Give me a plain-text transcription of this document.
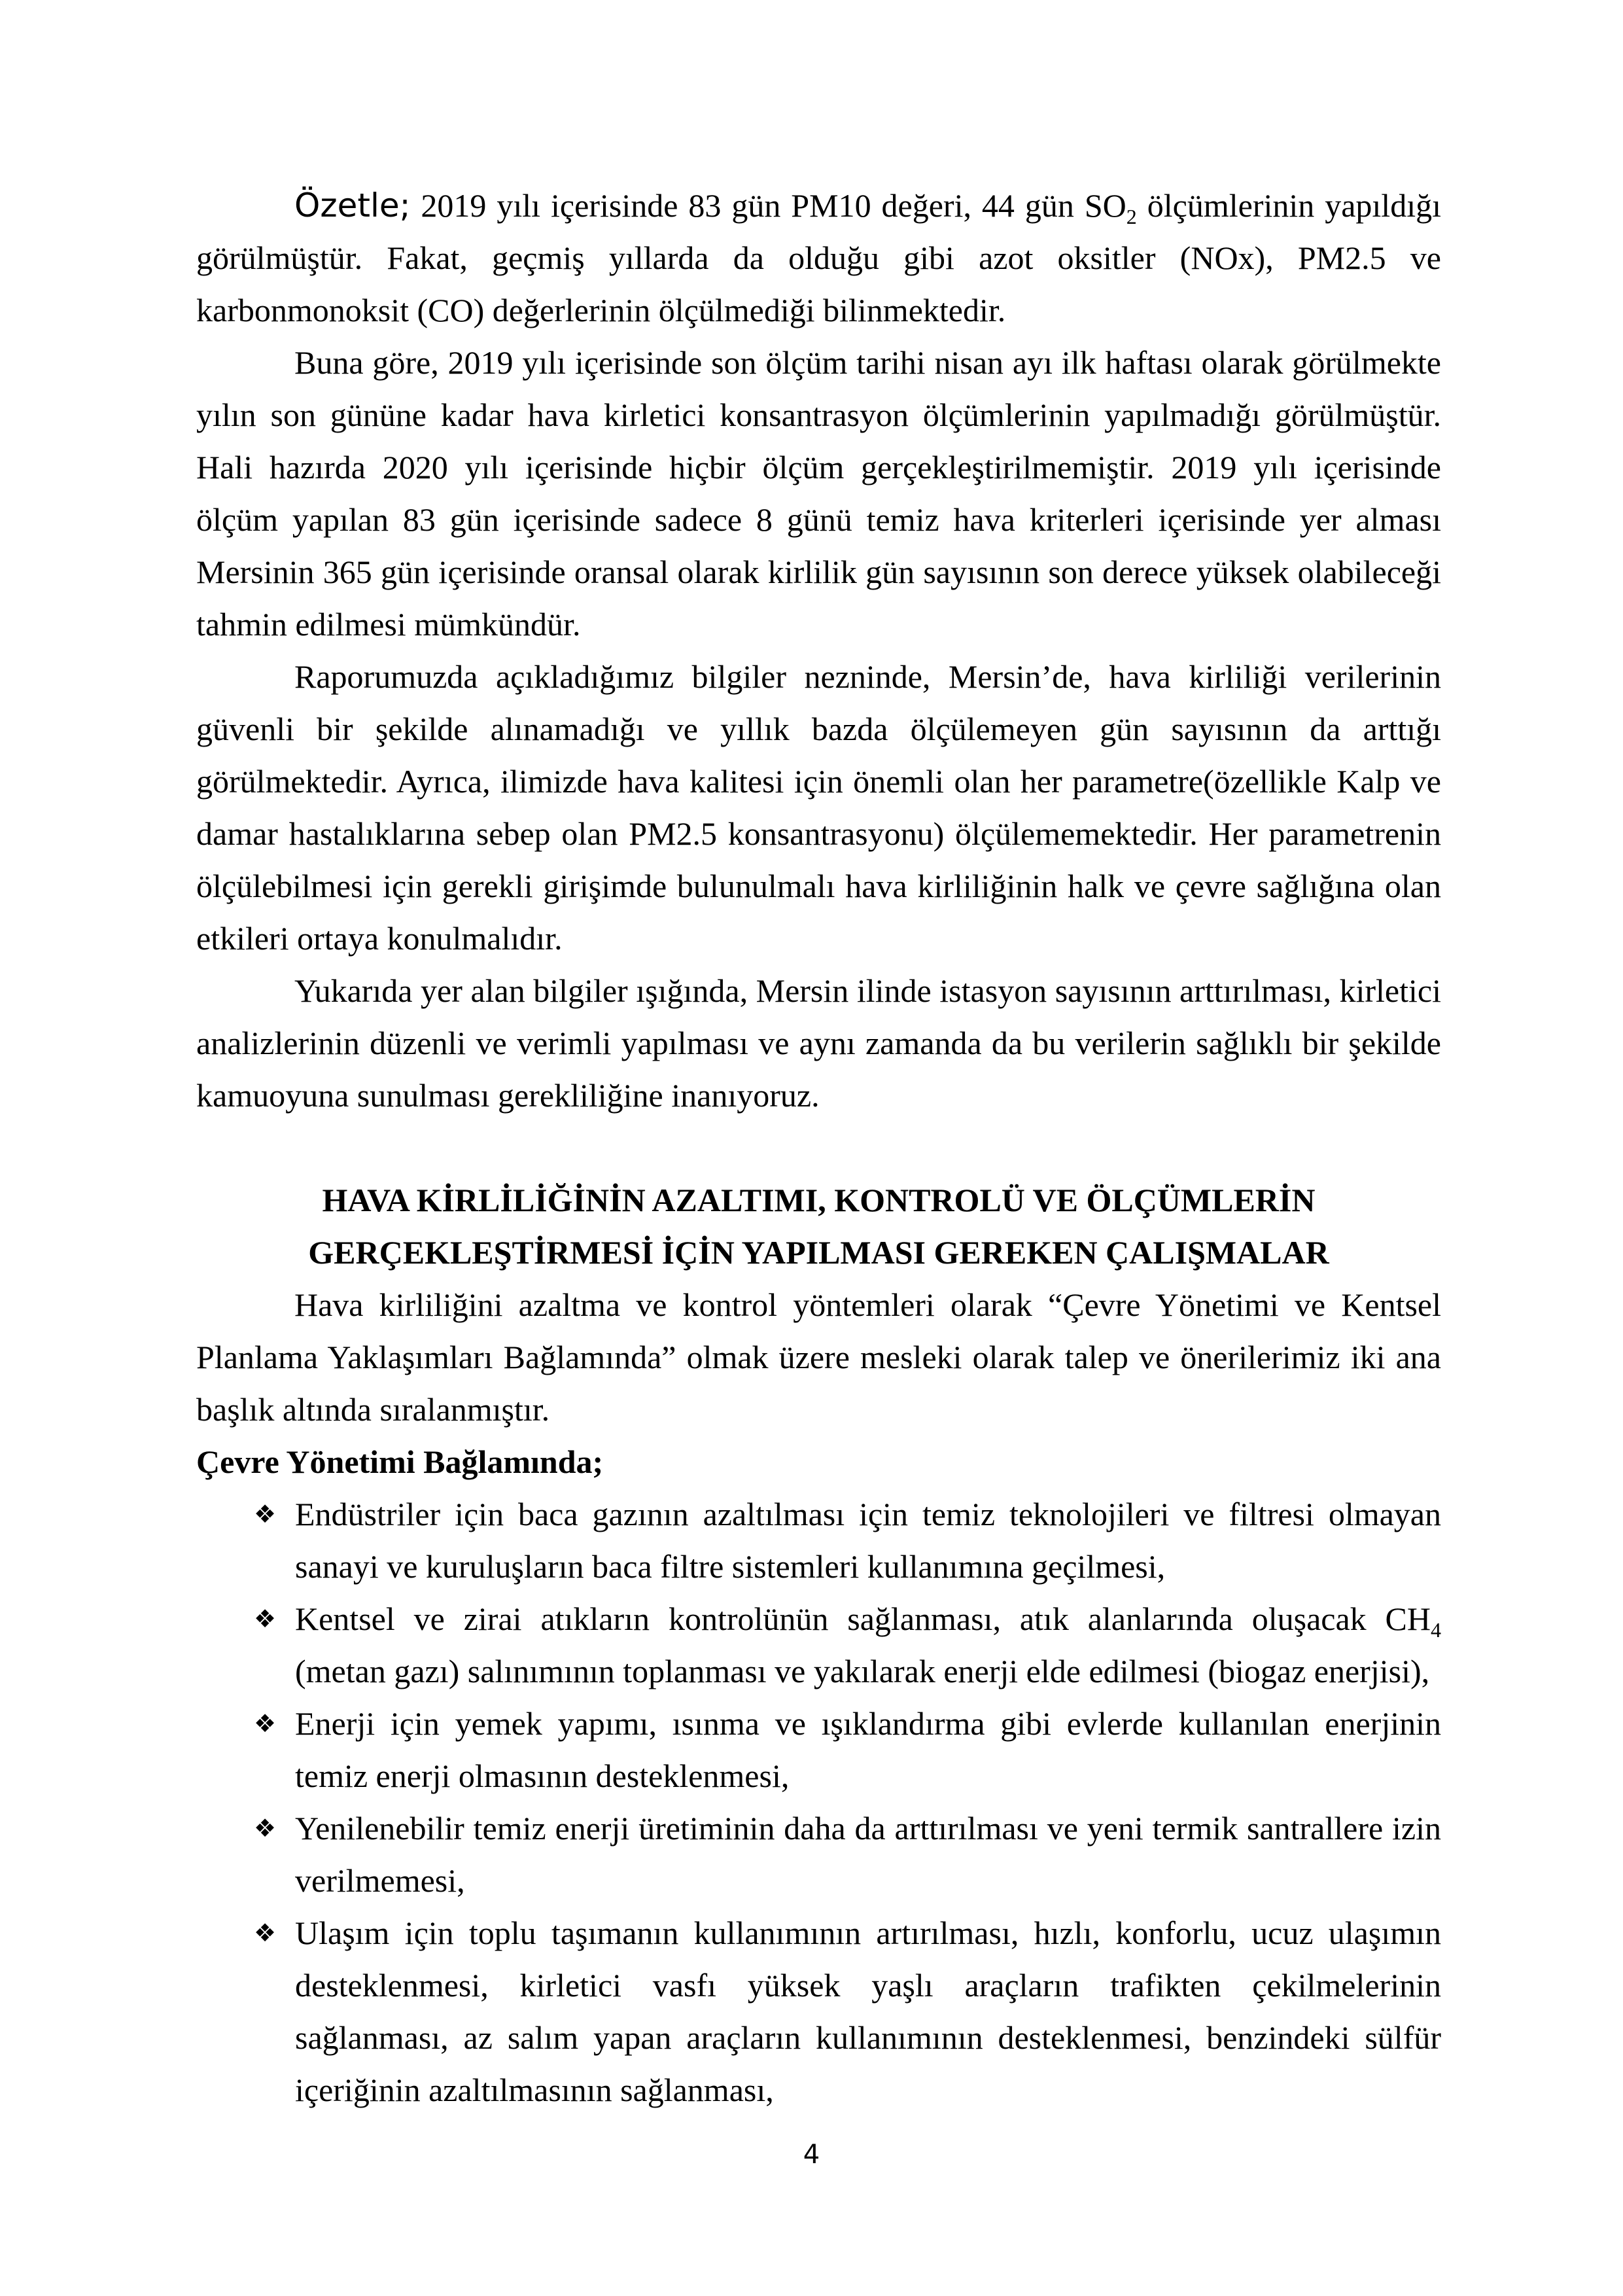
Özetle; 2019 yılı içerisinde 83 gün PM10 değeri, 44 gün $SO_2$ ölçümlerinin yapıldığı görülmüştür. Fakat, geçmiş yıllarda da olduğu gibi azot oksitler (NOx), PM2.5 ve karbonmonoksit (CO) değerlerinin ölçülmediği bilinmektedir.

Buna göre, 2019 yılı içerisinde son ölçüm tarihi nisan ayı ilk haftası olarak görülmekte yılın son gününe kadar hava kirletici konsantrasyon ölçümlerinin yapılmadığı görülmüştür. Hali hazırda 2020 yılı içerisinde hiçbir ölçüm gerçekleştirilmemiştir. 2019 yılı içerisinde ölçüm yapılan 83 gün içerisinde sadece 8 günü temiz hava kriterleri içerisinde yer alması Mersinin 365 gün içerisinde oransal olarak kirlilik gün sayısının son derece yüksek olabileceği tahmin edilmesi mümkündür.

Raporumuzda açıkladığımız bilgiler nezninde, Mersin’de, hava kirliliği verilerinin güvenli bir şekilde alınamadığı ve yıllık bazda ölçülemeyen gün sayısının da arttığı görülmektedir. Ayrıca, ilimizde hava kalitesi için önemli olan her parametre(özellikle Kalp ve damar hastalıklarına sebep olan PM2.5 konsantrasyonu) ölçülememektedir. Her parametrenin ölçülebilmesi için gerekli girişimde bulunulmalı hava kirliliğinin halk ve çevre sağlığına olan etkileri ortaya konulmalıdır.

Yukarıda yer alan bilgiler ışığında, Mersin ilinde istasyon sayısının arttırılması, kirletici analizlerinin düzenli ve verimli yapılması ve aynı zamanda da bu verilerin sağlıklı bir şekilde kamuoyuna sunulması gerekliliğine inanıyoruz.

HAVA KİRLİLİĞİNİN AZALTIMI, KONTROLÜ VE ÖLÇÜMLERİN
GERÇEKLEŞTİRMESİ İÇİN YAPILMASI GEREKEN ÇALIŞMALAR

Hava kirliliğini azaltma ve kontrol yöntemleri olarak “Çevre Yönetimi ve Kentsel Planlama Yaklaşımları Bağlamında” olmak üzere mesleki olarak talep ve önerilerimiz iki ana başlık altında sıralanmıştır.

Çevre Yönetimi Bağlamında;

❖ Endüstriler için baca gazının azaltılması için temiz teknolojileri ve filtresi olmayan sanayi ve kuruluşların baca filtre sistemleri kullanımına geçilmesi,
❖ Kentsel ve zirai atıkların kontrolünün sağlanması, atık alanlarında oluşacak $CH_4$ (metan gazı) salınımının toplanması ve yakılarak enerji elde edilmesi (biogaz enerjisi),
❖ Enerji için yemek yapımı, ısınma ve ışıklandırma gibi evlerde kullanılan enerjinin temiz enerji olmasının desteklenmesi,
❖ Yenilenebilir temiz enerji üretiminin daha da arttırılması ve yeni termik santrallere izin verilmemesi,
❖ Ulaşım için toplu taşımanın kullanımının artırılması, hızlı, konforlu, ucuz ulaşımın desteklenmesi, kirletici vasfı yüksek yaşlı araçların trafikten çekilmelerinin sağlanması, az salım yapan araçların kullanımının desteklenmesi, benzindeki sülfür içeriğinin azaltılmasının sağlanması,
4
